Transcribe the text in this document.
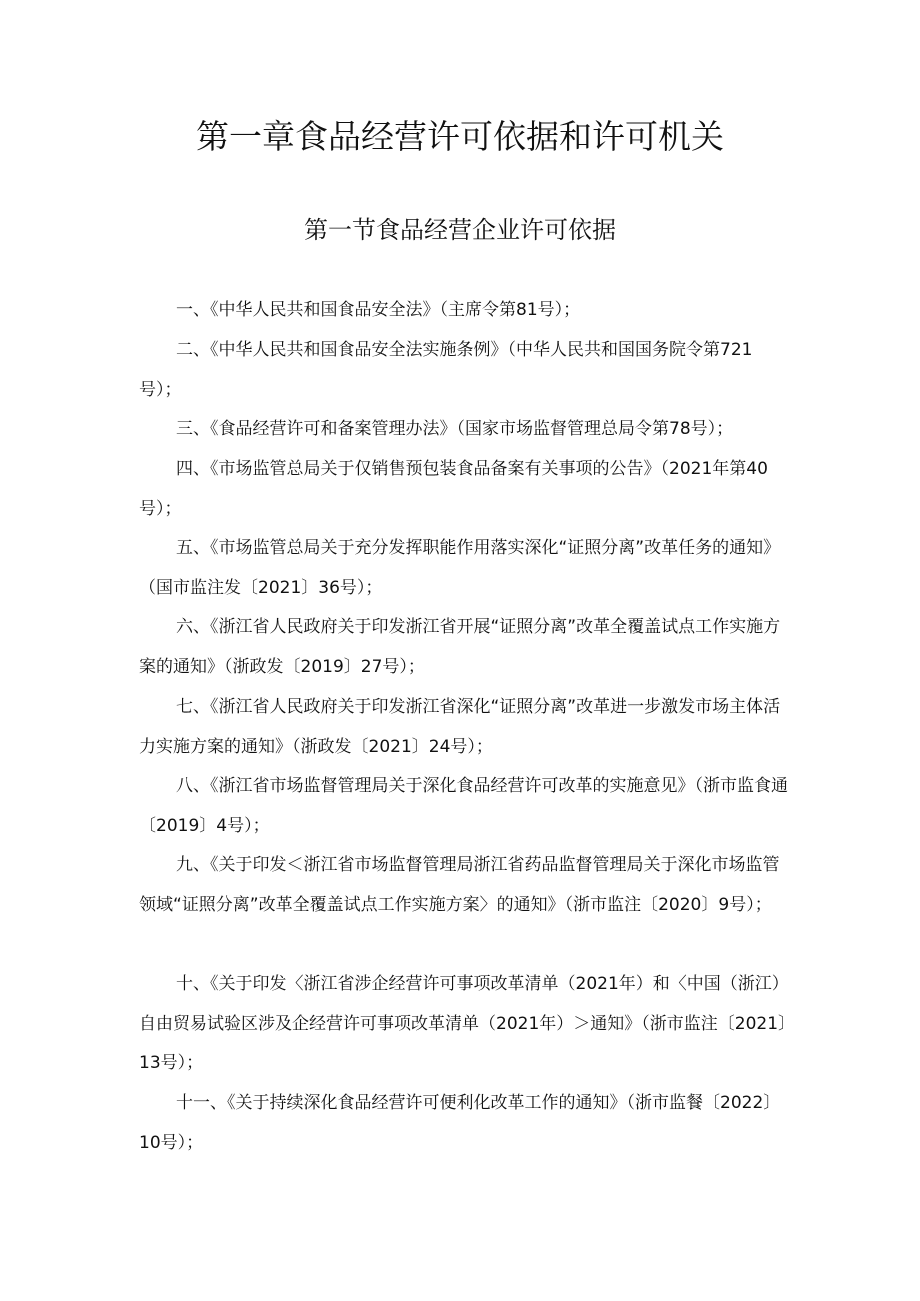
第一章食品经营许可依据和许可机关
第一节食品经营企业许可依据

一、《中华人民共和国食品安全法》（主席令第81号）；

二、《中华人民共和国食品安全法实施条例》（中华人民共和国国务院令第721号）；

三、《食品经营许可和备案管理办法》（国家市场监督管理总局令第78号）；

四、《市场监管总局关于仅销售预包装食品备案有关事项的公告》（2021年第40号）；

五、《市场监管总局关于充分发挥职能作用落实深化“证照分离”改革任务的通知》（国市监注发〔2021〕36号）；

六、《浙江省人民政府关于印发浙江省开展“证照分离”改革全覆盖试点工作实施方案的通知》（浙政发〔2019〕27号）；

七、《浙江省人民政府关于印发浙江省深化“证照分离”改革进一步激发市场主体活力实施方案的通知》（浙政发〔2021〕24号）；

八、《浙江省市场监督管理局关于深化食品经营许可改革的实施意见》（浙市监食通〔2019〕4号）；

九、《关于印发＜浙江省市场监督管理局浙江省药品监督管理局关于深化市场监管领域“证照分离”改革全覆盖试点工作实施方案〉的通知》（浙市监注〔2020〕9号）；

十、《关于印发〈浙江省涉企经营许可事项改革清单（2021年）和〈中国（浙江）自由贸易试验区涉及企经营许可事项改革清单（2021年）＞通知》（浙市监注〔2021〕13号）；

十一、《关于持续深化食品经营许可便利化改革工作的通知》（浙市监餐〔2022〕10号）；
